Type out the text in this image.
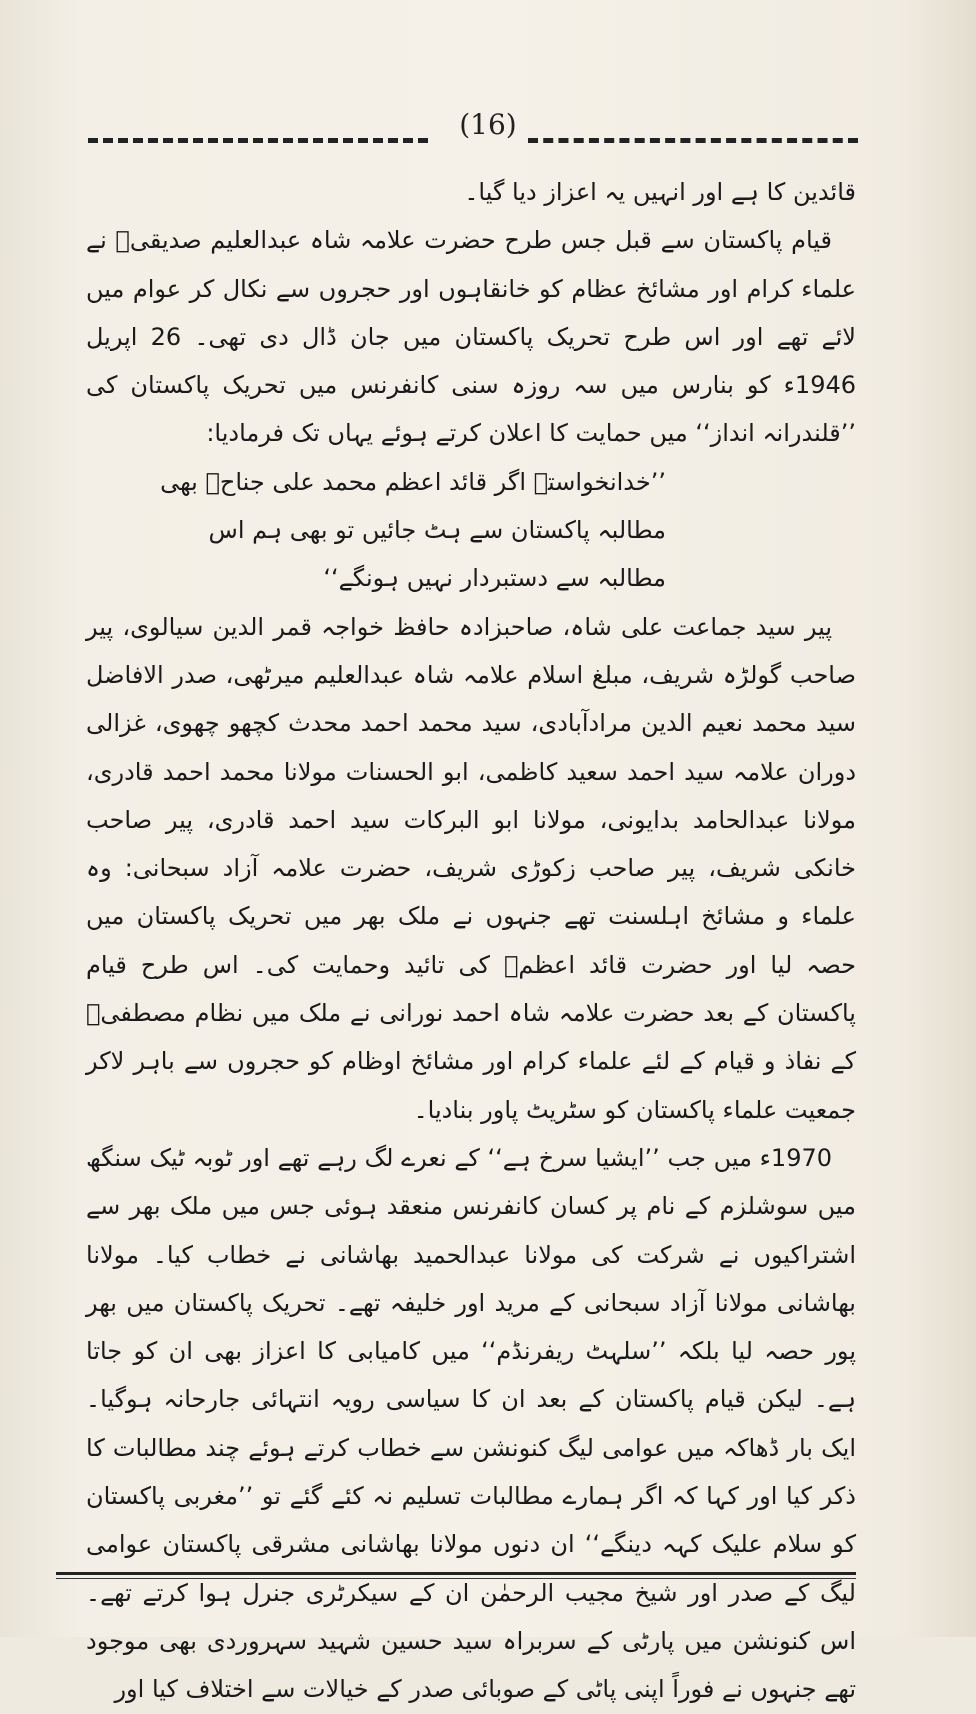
(16)

قائدین کا ہے اور انہیں یہ اعزاز دیا گیا۔

قیام پاکستان سے قبل جس طرح حضرت علامہ شاہ عبدالعلیم صدیقیؒ نے علماء کرام اور مشائخ عظام کو خانقاہوں اور حجروں سے نکال کر عوام میں لائے تھے اور اس طرح تحریک پاکستان میں جان ڈال دی تھی۔ 26 اپریل 1946ء کو بنارس میں سہ روزہ سنی کانفرنس میں تحریک پاکستان کی ’’قلندرانہ انداز‘‘ میں حمایت کا اعلان کرتے ہوئے یہاں تک فرمادیا:

’’خدانخواستہ اگر قائد اعظم محمد علی جناحؒ بھی
مطالبہ پاکستان سے ہٹ جائیں تو بھی ہم اس
مطالبہ سے دستبردار نہیں ہونگے‘‘

پیر سید جماعت علی شاہ، صاحبزادہ حافظ خواجہ قمر الدین سیالوی، پیر صاحب گولڑہ شریف، مبلغ اسلام علامہ شاہ عبدالعلیم میرٹھی، صدر الافاضل سید محمد نعیم الدین مرادآبادی، سید محمد احمد محدث کچھو چھوی، غزالی دوران علامہ سید احمد سعید کاظمی، ابو الحسنات مولانا محمد احمد قادری، مولانا عبدالحامد بدایونی، مولانا ابو البرکات سید احمد قادری، پیر صاحب خانکی شریف، پیر صاحب زکوڑی شریف، حضرت علامہ آزاد سبحانی: وہ علماء و مشائخ اہلسنت تھے جنہوں نے ملک بھر میں تحریک پاکستان میں حصہ لیا اور حضرت قائد اعظمؒ کی تائید وحمایت کی۔ اس طرح قیام پاکستان کے بعد حضرت علامہ شاہ احمد نورانی نے ملک میں نظام مصطفیؐ کے نفاذ و قیام کے لئے علماء کرام اور مشائخ اوظام کو حجروں سے باہر لاکر جمعیت علماء پاکستان کو سٹریٹ پاور بنادیا۔

1970ء میں جب ’’ایشیا سرخ ہے‘‘ کے نعرے لگ رہے تھے اور ٹوبہ ٹیک سنگھ میں سوشلزم کے نام پر کسان کانفرنس منعقد ہوئی جس میں ملک بھر سے اشتراکیوں نے شرکت کی مولانا عبدالحمید بھاشانی نے خطاب کیا۔ مولانا بھاشانی مولانا آزاد سبحانی کے مرید اور خلیفہ تھے۔ تحریک پاکستان میں بھر پور حصہ لیا بلکہ ’’سلہٹ ریفرنڈم‘‘ میں کامیابی کا اعزاز بھی ان کو جاتا ہے۔ لیکن قیام پاکستان کے بعد ان کا سیاسی رویہ انتہائی جارحانہ ہوگیا۔ ایک بار ڈھاکہ میں عوامی لیگ کنونشن سے خطاب کرتے ہوئے چند مطالبات کا ذکر کیا اور کہا کہ اگر ہمارے مطالبات تسلیم نہ کئے گئے تو ’’مغربی پاکستان کو سلام علیک کہہ دینگے‘‘ ان دنوں مولانا بھاشانی مشرقی پاکستان عوامی لیگ کے صدر اور شیخ مجیب الرحمٰن ان کے سیکرٹری جنرل ہوا کرتے تھے۔ اس کنونشن میں پارٹی کے سربراہ سید حسین شہید سہروردی بھی موجود تھے جنہوں نے فوراً اپنی پاٹی کے صوبائی صدر کے خیالات سے اختلاف کیا اور
